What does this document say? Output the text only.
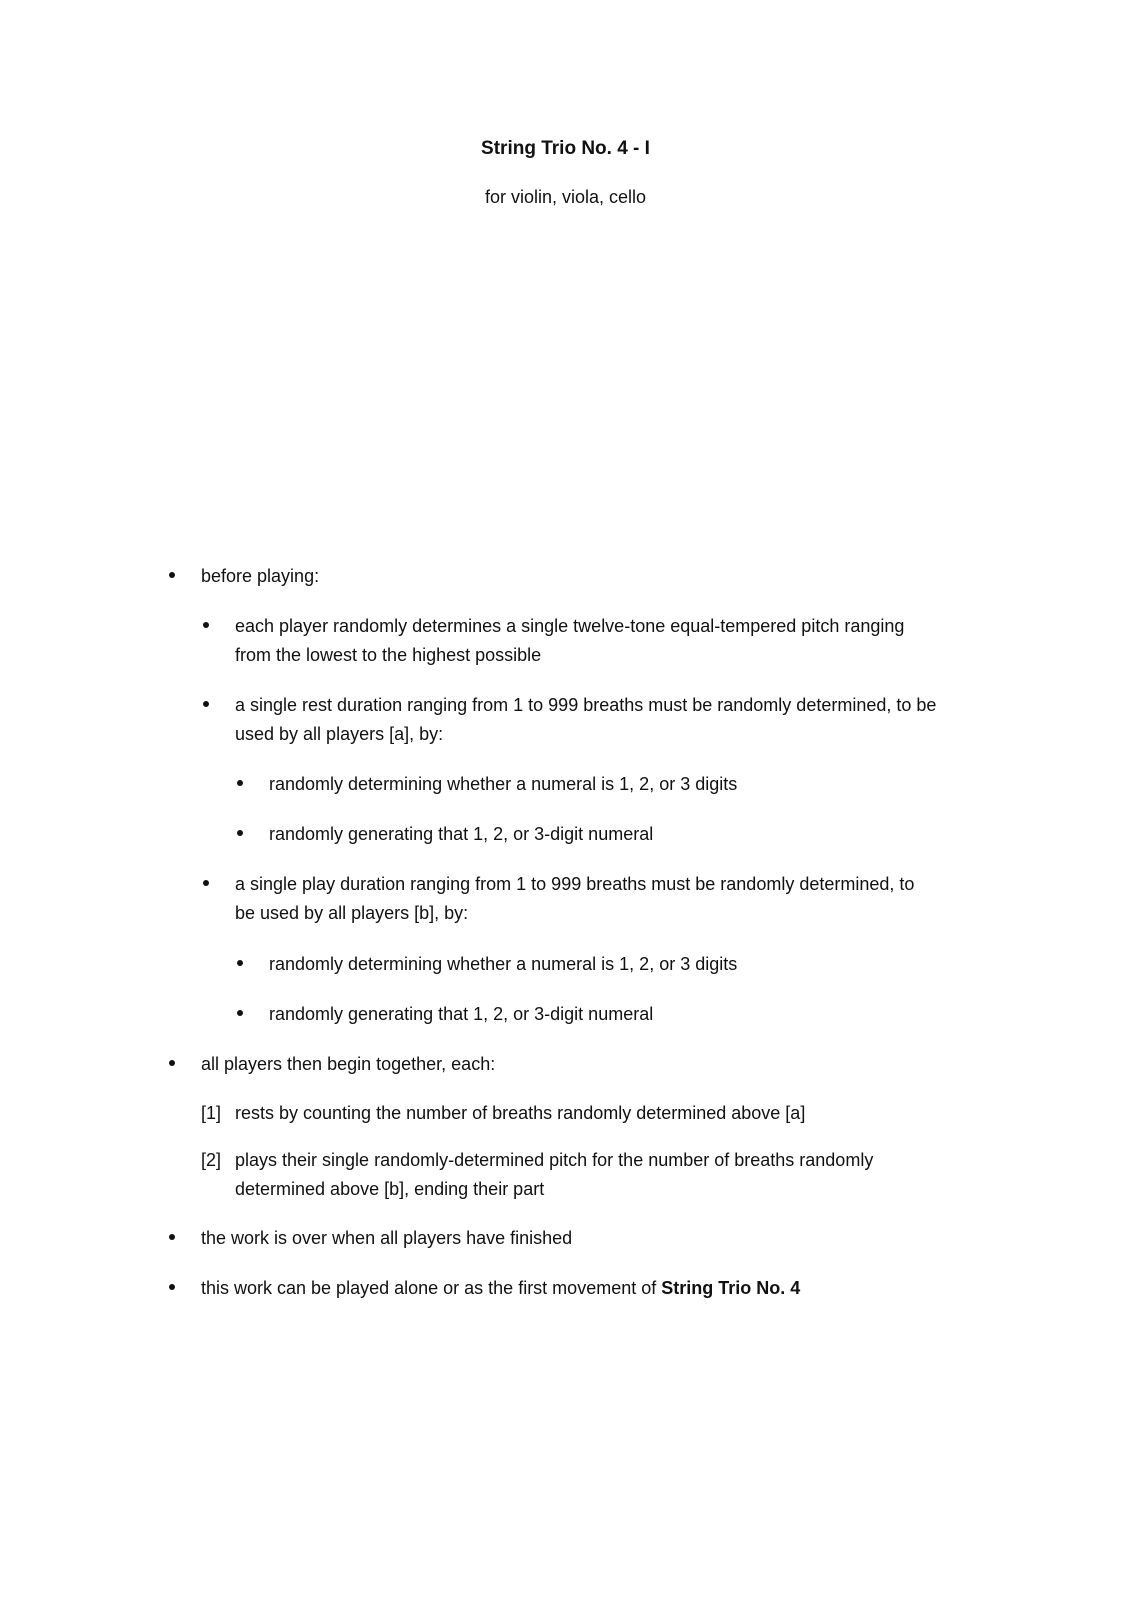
String Trio No. 4 - I
for violin, viola, cello
before playing:
each player randomly determines a single twelve-tone equal-tempered pitch ranging
from the lowest to the highest possible
a single rest duration ranging from 1 to 999 breaths must be randomly determined, to be
used by all players [a], by:
randomly determining whether a numeral is 1, 2, or 3 digits
randomly generating that 1, 2, or 3-digit numeral
a single play duration ranging from 1 to 999 breaths must be randomly determined, to
be used by all players [b], by:
randomly determining whether a numeral is 1, 2, or 3 digits
randomly generating that 1, 2, or 3-digit numeral
all players then begin together, each:
[1] rests by counting the number of breaths randomly determined above [a]
[2] plays their single randomly-determined pitch for the number of breaths randomly
determined above [b], ending their part
the work is over when all players have finished
this work can be played alone or as the first movement of String Trio No. 4
